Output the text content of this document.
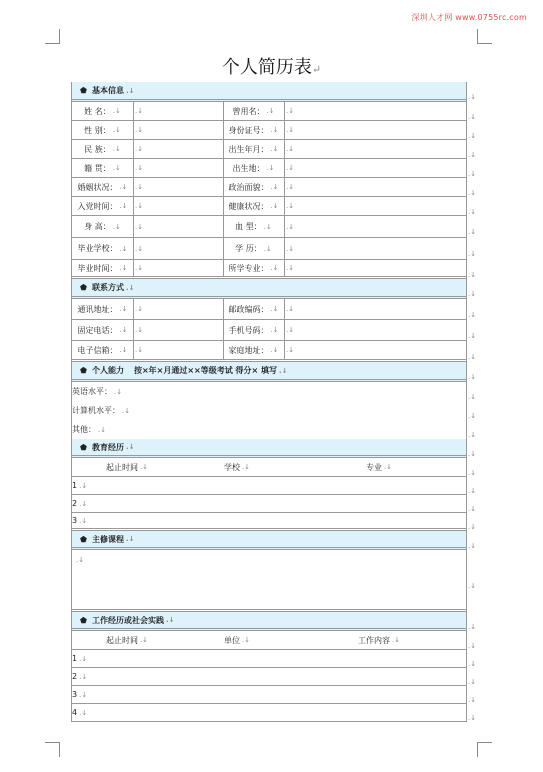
深圳人才网 www.0755rc.com
个人简历表↵
⬟ 基本信息 .↓
姓 名： .↓ .↓	曾用名： .↓ .↓
性 别： .↓ .↓	身份证号： .↓ .↓
民 族： .↓ .↓	出生年月： .↓ .↓
籍 贯： .↓ .↓	出生地： .↓ .↓
婚姻状况： .↓ .↓	政治面貌： .↓ .↓
入党时间： .↓ .↓	健康状况： .↓ .↓
身 高： .↓ .↓	血 型： .↓ .↓
毕业学校： .↓ .↓	学 历： .↓ .↓
毕业时间： .↓ .↓	所学专业： .↓ .↓
⬟ 联系方式 .↓
通讯地址： .↓ .↓	邮政编码： .↓ .↓
固定电话： .↓ .↓	手机号码： .↓ .↓
电子信箱： .↓ .↓	家庭地址： .↓ .↓
⬟ 个人能力 按×年×月通过××等级考试 得分× 填写 .↓
英语水平： .↓
计算机水平： .↓
其他： .↓
⬟ 教育经历 .↓
起止时间 .↓	学校 .↓	专业 .↓
1 .↓
2 .↓
3 .↓
⬟ 主修课程 .↓
.↓
⬟ 工作经历或社会实践 .↓
起止时间 .↓	单位 .↓	工作内容 .↓
1 .↓
2 .↓
3 .↓
4 .↓
.↓
.↓
.↓
.↓
.↓
.↓
.↓
.↓
.↓
.↓
.↓
.↓
.↓
.↓
.↓
.↓
.↓
.↓
.↓
.↓
.↓
.↓
.↓
.↓
.↓
.↓
.↓
.↓
.↓
.↓
.↓
